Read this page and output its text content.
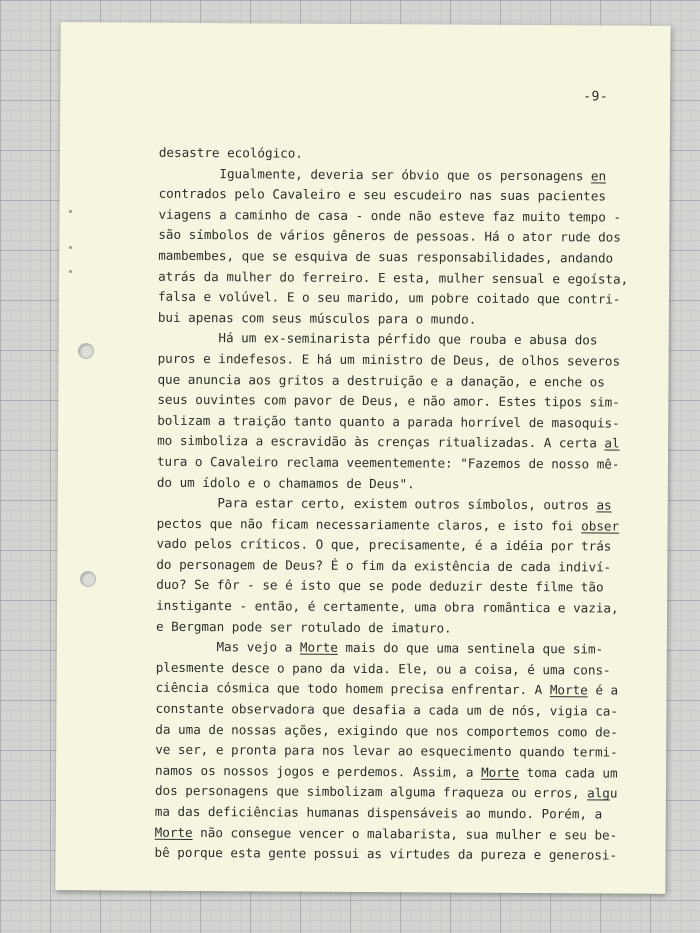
-9-
desastre ecológico.
Igualmente, deveria ser óbvio que os personagens en
contrados pelo Cavaleiro e seu escudeiro nas suas pacientes
viagens a caminho de casa - onde não esteve faz muito tempo -
são símbolos de vários gêneros de pessoas. Há o ator rude dos
mambembes, que se esquiva de suas responsabilidades, andando
atrás da mulher do ferreiro. E esta, mulher sensual e egoísta,
falsa e volúvel. E o seu marido, um pobre coitado que contri-
bui apenas com seus músculos para o mundo.
Há um ex-seminarista pérfido que rouba e abusa dos
puros e indefesos. E há um ministro de Deus, de olhos severos
que anuncia aos gritos a destruição e a danação, e enche os
seus ouvintes com pavor de Deus, e não amor. Estes tipos sim-
bolizam a traição tanto quanto a parada horrível de masoquis-
mo simboliza a escravidão às crenças ritualizadas. A certa al
tura o Cavaleiro reclama veementemente: "Fazemos de nosso mê-
do um ídolo e o chamamos de Deus".
Para estar certo, existem outros símbolos, outros as
pectos que não ficam necessariamente claros, e isto foi obser
vado pelos críticos. O que, precisamente, é a idéia por trás
do personagem de Deus? É o fim da existência de cada indiví-
duo? Se fôr - se é isto que se pode deduzir deste filme tão
instigante - então, é certamente, uma obra romântica e vazia,
e Bergman pode ser rotulado de imaturo.
Mas vejo a Morte mais do que uma sentinela que sim-
plesmente desce o pano da vida. Ele, ou a coisa, é uma cons-
ciência cósmica que todo homem precisa enfrentar. A Morte é a
constante observadora que desafia a cada um de nós, vigia ca-
da uma de nossas ações, exigindo que nos comportemos como de-
ve ser, e pronta para nos levar ao esquecimento quando termi-
namos os nossos jogos e perdemos. Assim, a Morte toma cada um
dos personagens que simbolizam alguma fraqueza ou erros, algu
ma das deficiências humanas dispensáveis ao mundo. Porém, a
Morte não consegue vencer o malabarista, sua mulher e seu be-
bê porque esta gente possui as virtudes da pureza e generosi-
